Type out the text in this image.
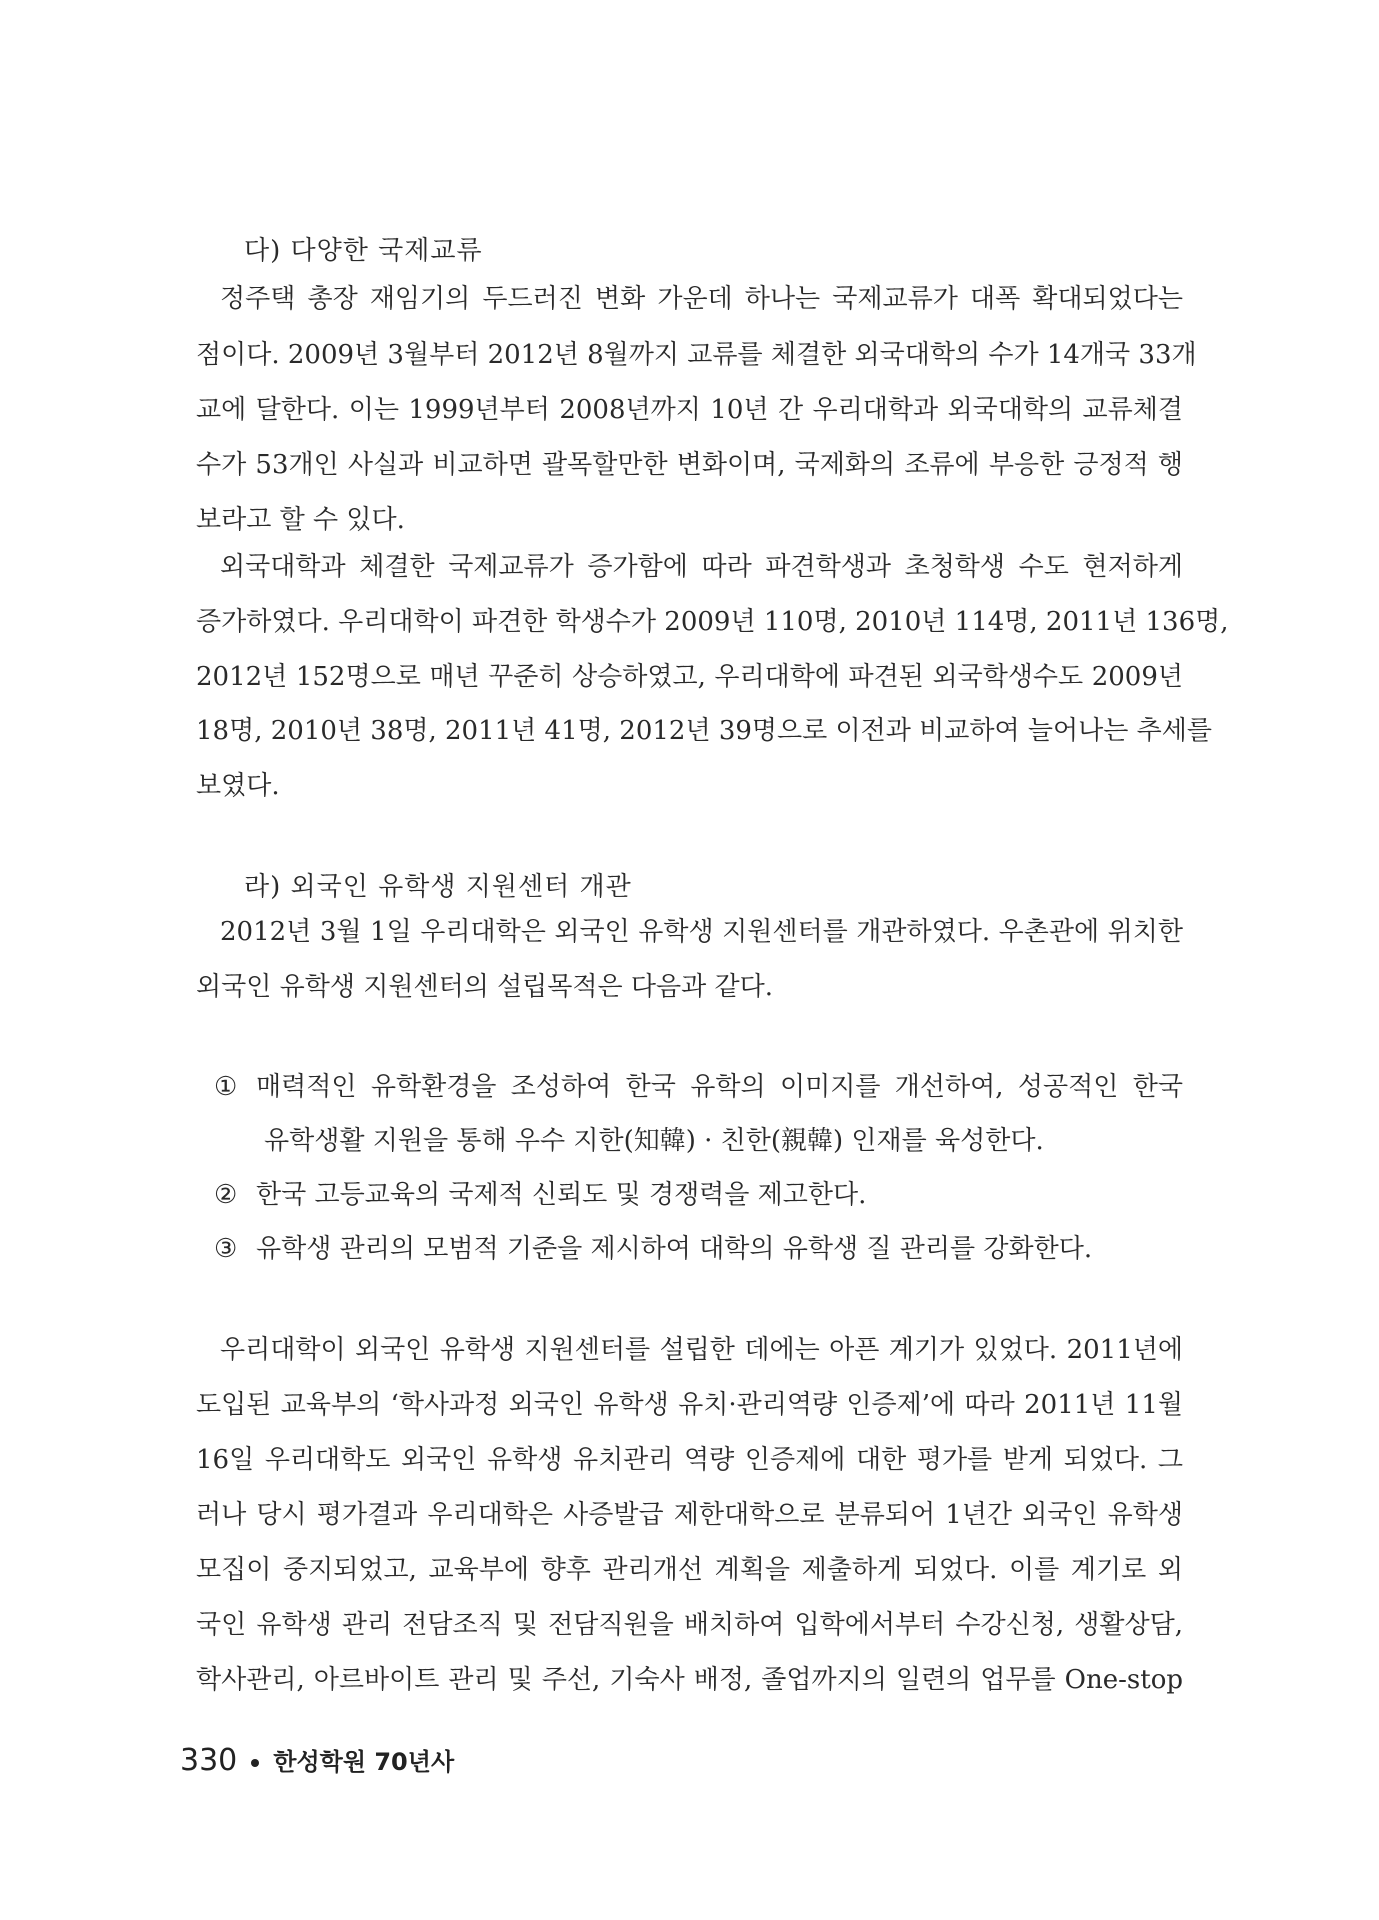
다) 다양한 국제교류
정주택 총장 재임기의 두드러진 변화 가운데 하나는 국제교류가 대폭 확대되었다는
점이다. 2009년 3월부터 2012년 8월까지 교류를 체결한 외국대학의 수가 14개국 33개
교에 달한다. 이는 1999년부터 2008년까지 10년 간 우리대학과 외국대학의 교류체결
수가 53개인 사실과 비교하면 괄목할만한 변화이며, 국제화의 조류에 부응한 긍정적 행
보라고 할 수 있다.
외국대학과 체결한 국제교류가 증가함에 따라 파견학생과 초청학생 수도 현저하게
증가하였다. 우리대학이 파견한 학생수가 2009년 110명, 2010년 114명, 2011년 136명,
2012년 152명으로 매년 꾸준히 상승하였고, 우리대학에 파견된 외국학생수도 2009년
18명, 2010년 38명, 2011년 41명, 2012년 39명으로 이전과 비교하여 늘어나는 추세를
보였다.
라) 외국인 유학생 지원센터 개관
2012년 3월 1일 우리대학은 외국인 유학생 지원센터를 개관하였다. 우촌관에 위치한
외국인 유학생 지원센터의 설립목적은 다음과 같다.
① 매력적인 유학환경을 조성하여 한국 유학의 이미지를 개선하여, 성공적인 한국
유학생활 지원을 통해 우수 지한(知韓) · 친한(親韓) 인재를 육성한다.
② 한국 고등교육의 국제적 신뢰도 및 경쟁력을 제고한다.
③ 유학생 관리의 모범적 기준을 제시하여 대학의 유학생 질 관리를 강화한다.
우리대학이 외국인 유학생 지원센터를 설립한 데에는 아픈 계기가 있었다. 2011년에
도입된 교육부의 ‘학사과정 외국인 유학생 유치·관리역량 인증제’에 따라 2011년 11월
16일 우리대학도 외국인 유학생 유치관리 역량 인증제에 대한 평가를 받게 되었다. 그
러나 당시 평가결과 우리대학은 사증발급 제한대학으로 분류되어 1년간 외국인 유학생
모집이 중지되었고, 교육부에 향후 관리개선 계획을 제출하게 되었다. 이를 계기로 외
국인 유학생 관리 전담조직 및 전담직원을 배치하여 입학에서부터 수강신청, 생활상담,
학사관리, 아르바이트 관리 및 주선, 기숙사 배정, 졸업까지의 일련의 업무를 One-stop
330 한성학원 70년사
